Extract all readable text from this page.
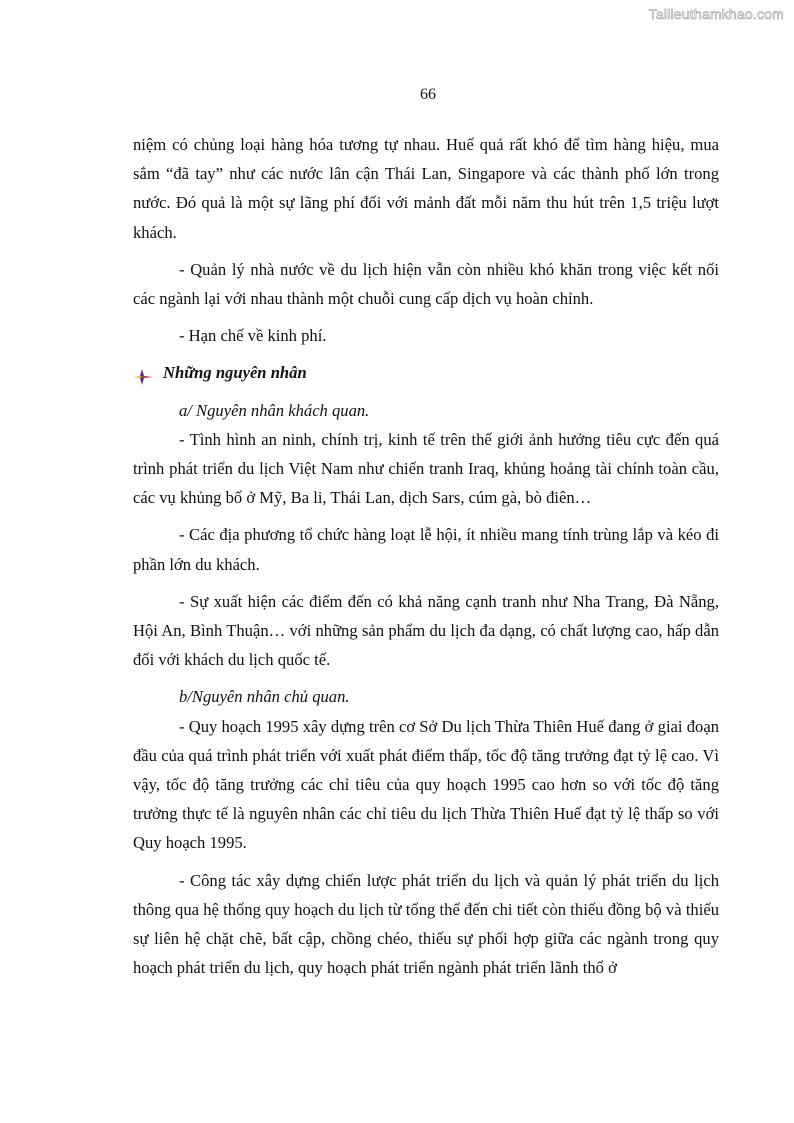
Tailieuthamkhao.com
66

niệm có chủng loại hàng hóa tương tự nhau. Huế quả rất khó để tìm hàng hiệu, mua sắm “đã tay” như các nước lân cận Thái Lan, Singapore và các thành phố lớn trong nước. Đó quả là một sự lãng phí đối với mảnh đất mỗi năm thu hút trên 1,5 triệu lượt khách.

- Quản lý nhà nước về du lịch hiện vẫn còn nhiều khó khăn trong việc kết nối các ngành lại với nhau thành một chuỗi cung cấp dịch vụ hoàn chỉnh.

- Hạn chế về kinh phí.

Những nguyên nhân

a/ Nguyên nhân khách quan.

- Tình hình an ninh, chính trị, kinh tế trên thế giới ảnh hưởng tiêu cực đến quá trình phát triển du lịch Việt Nam như chiến tranh Iraq, khủng hoảng tài chính toàn cầu, các vụ khủng bố ở Mỹ, Ba li, Thái Lan, dịch Sars, cúm gà, bò điên…

- Các địa phương tổ chức hàng loạt lễ hội, ít nhiều mang tính trùng lắp và kéo đi phần lớn du khách.

- Sự xuất hiện các điểm đến có khả năng cạnh tranh như Nha Trang, Đà Nẵng, Hội An, Bình Thuận… với những sản phẩm du lịch đa dạng, có chất lượng cao, hấp dẫn đối với khách du lịch quốc tế.

b/Nguyên nhân chủ quan.

- Quy hoạch 1995 xây dựng trên cơ Sở Du lịch Thừa Thiên Huế đang ở giai đoạn đầu của quá trình phát triển với xuất phát điểm thấp, tốc độ tăng trưởng đạt tỷ lệ cao. Vì vậy, tốc độ tăng trưởng các chỉ tiêu của quy hoạch 1995 cao hơn so với tốc độ tăng trưởng thực tế là nguyên nhân các chỉ tiêu du lịch Thừa Thiên Huế đạt tỷ lệ thấp so với Quy hoạch 1995.

- Công tác xây dựng chiến lược phát triển du lịch và quản lý phát triển du lịch thông qua hệ thống quy hoạch du lịch từ tổng thể đến chi tiết còn thiếu đồng bộ và thiếu sự liên hệ chặt chẽ, bất cập, chồng chéo, thiếu sự phối hợp giữa các ngành trong quy hoạch phát triển du lịch, quy hoạch phát triển ngành phát triển lãnh thổ ở
